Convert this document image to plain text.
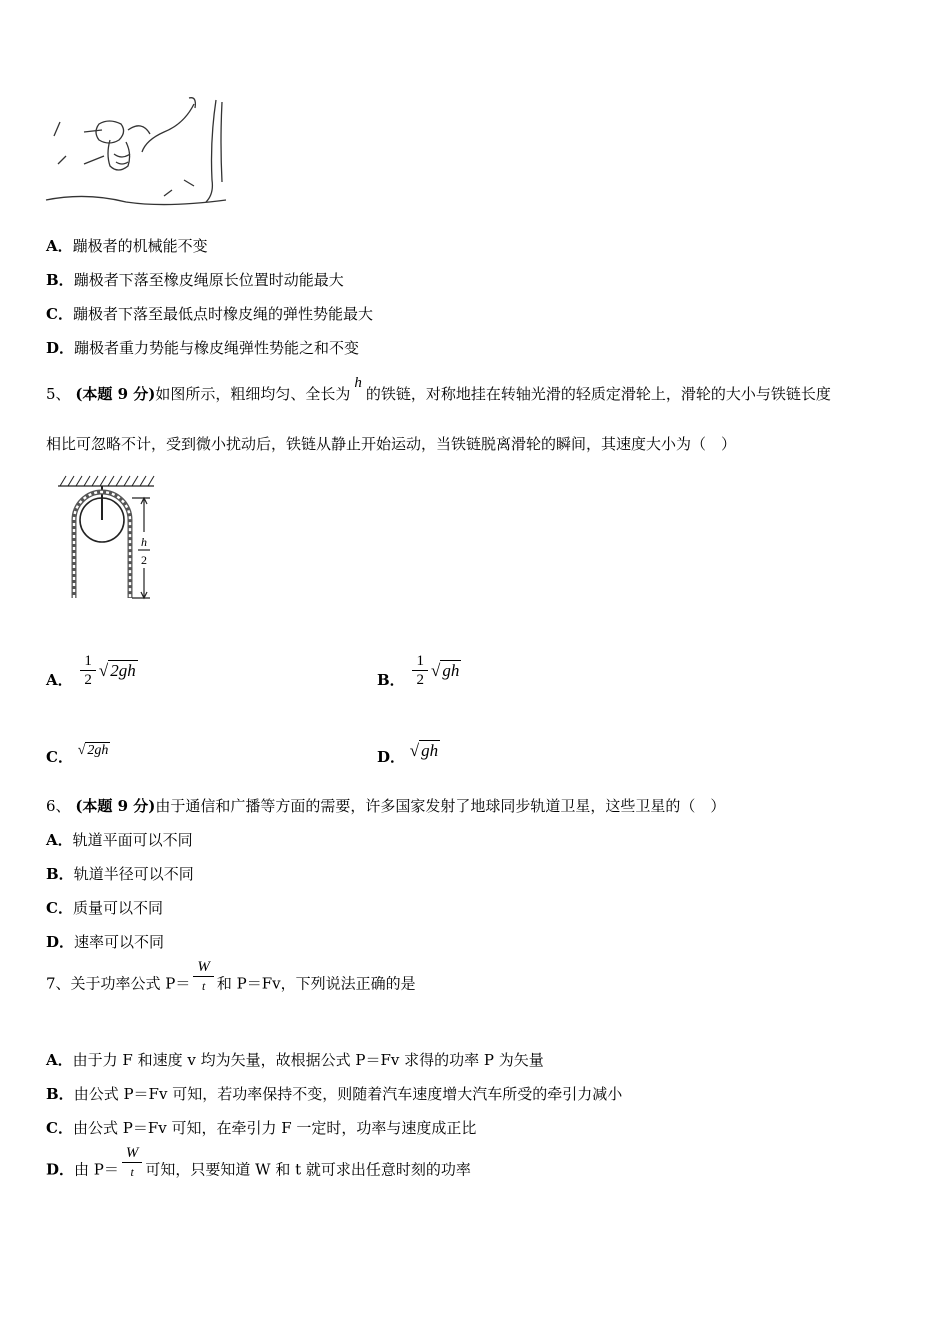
A．蹦极者的机械能不变
B．蹦极者下落至橡皮绳原长位置时动能最大
C．蹦极者下落至最低点时橡皮绳的弹性势能最大
D．蹦极者重力势能与橡皮绳弹性势能之和不变
5、 (本题 9 分)如图所示，粗细均匀、全长为h的铁链，对称地挂在转轴光滑的轻质定滑轮上，滑轮的大小与铁链长度
相比可忽略不计，受到微小扰动后，铁链从静止开始运动，当铁链脱离滑轮的瞬间，其速度大小为（　）
h
2
A． $\frac{1}{2}$ √ 2gh	B． $\frac{1}{2}$ √ gh
C． √ 2gh	D． √ gh
6、 (本题 9 分)由于通信和广播等方面的需要，许多国家发射了地球同步轨道卫星，这些卫星的（　）
A．轨道平面可以不同
B．轨道半径可以不同
C．质量可以不同
D．速率可以不同
7、关于功率公式 $P= \frac{W}{t}$ 和 P＝Fv，下列说法正确的是
A．由于力 F 和速度 v 均为矢量，故根据公式 P＝Fv 求得的功率 P 为矢量
B．由公式 P＝Fv 可知，若功率保持不变，则随着汽车速度增大汽车所受的牵引力减小
C．由公式 P＝Fv 可知，在牵引力 F 一定时，功率与速度成正比
D．由 $P= \frac{W}{t}$ 可知，只要知道 W 和 t 就可求出任意时刻的功率
